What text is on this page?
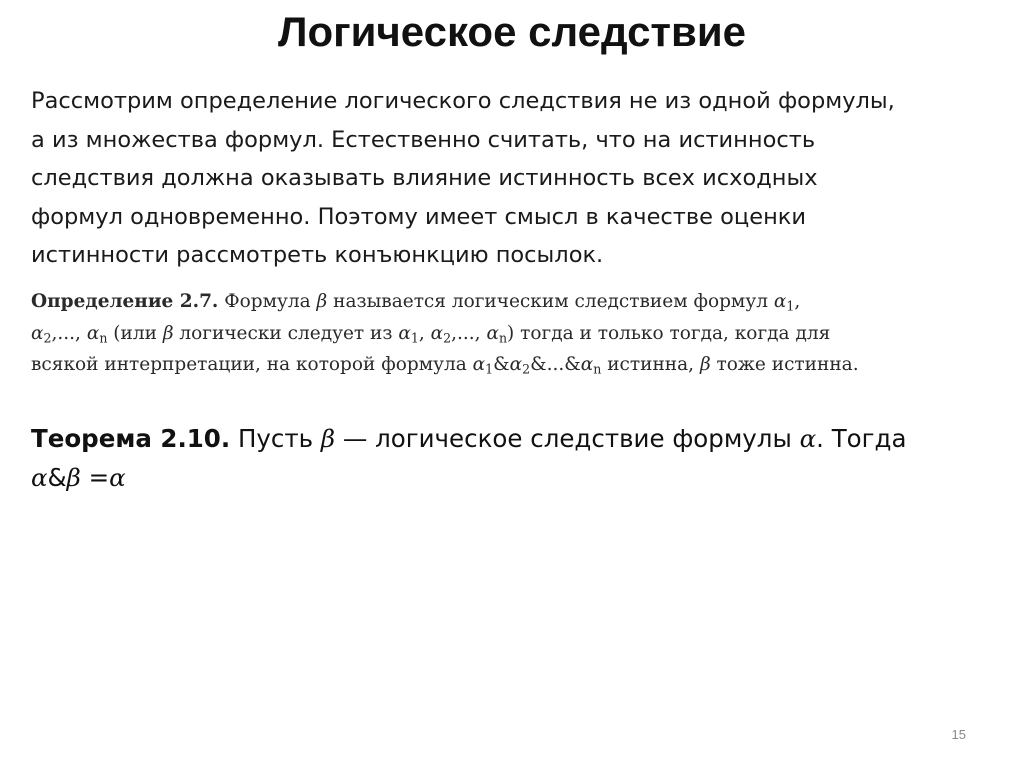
Логическое следствие
Рассмотрим определение логического следствия не из одной формулы,
а из множества формул. Естественно считать, что на истинность
следствия должна оказывать влияние истинность всех исходных
формул одновременно. Поэтому имеет смысл в качестве оценки
истинности рассмотреть конъюнкцию посылок.
Определение 2.7. Формула β называется логическим следствием формул $\alpha_1$,
$\alpha_2$,..., $\alpha_n$ (или β логически следует из $\alpha_1$, $\alpha_2$,..., $\alpha_n$) тогда и только тогда, когда для
всякой интерпретации, на которой формула $\alpha_1\&\alpha_2\&...\&\alpha_n$ истинна, β тоже истинна.
Теорема 2.10. Пусть β — логическое следствие формулы α. Тогда
α&β =α
15
